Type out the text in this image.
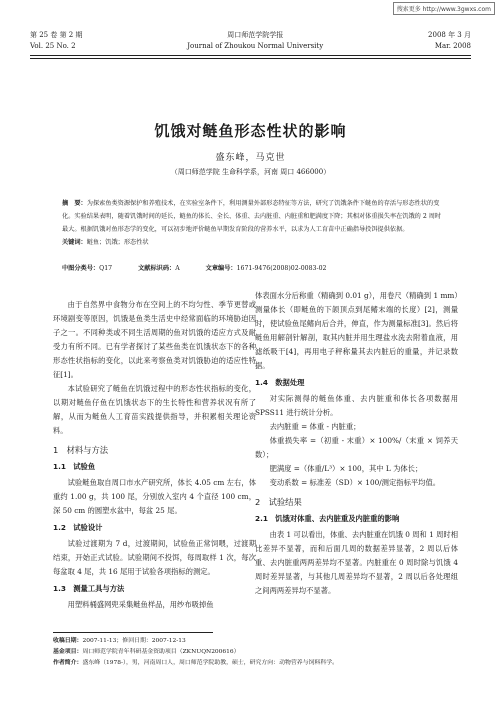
搜索更多 http://www.3gwxs.com
第 25 卷 第 2 期	周口师范学院学报	2008 年 3 月
Vol. 25 No. 2	Journal of Zhoukou Normal University	Mar. 2008
饥饿对鲢鱼形态性状的影响
盛东峰，马克世
（周口师范学院 生命科学系，河南 周口 466000）
摘　要：为探索鱼类资源保护和养殖技术，在实验室条件下，利用测量外部形态特征等方法，研究了饥饿条件下鲢鱼的存活与形态性状的变化。实验结果表明，随着饥饿时间的延长，鲢鱼的体长、全长、体重、去内脏重、内脏重和肥满度下降；其相对体重损失率在饥饿的 2 周时最大。根据饥饿对鱼形态学的变化，可以初步地评价鲢鱼早期发育阶段的营养水平，以求为人工育苗中正确指导投饵提供依据。
关键词：鲢鱼；饥饿；形态性状
中图分类号：Q17	文献标识码：A	文章编号：1671-9476(2008)02-0083-02

由于自然界中食物分布在空间上的不均匀性、季节更替或环境剧变等原因，饥饿是鱼类生活史中经常面临的环境胁迫因子之一。不同种类或不同生活周期的鱼对饥饿的适应方式及耐受力有所不同。已有学者探讨了某些鱼类在饥饿状态下的各种形态性状指标的变化，以此来考察鱼类对饥饿胁迫的适应性特征[1]。

本试验研究了鲢鱼在饥饿过程中的形态性状指标的变化，以期对鲢鱼仔鱼在饥饿状态下的生长特性和营养状况有所了解，从而为鲢鱼人工育苗实践提供指导，并积累相关理论资料。

1　材料与方法
1.1　试验鱼

试验鲢鱼取自周口市水产研究所，体长 4.05 cm 左右，体重约 1.00 g，共 100 尾，分别放入室内 4 个直径 100 cm，深 50 cm 的圆塑水盆中，每盆 25 尾。

1.2　试验设计

试验过渡期为 7 d，过渡期间，试验鱼正常饲喂，过渡期结束，开始正式试验。试验期间不投饵，每周取样 1 次，每次每盆取 4 尾，共 16 尾用于试验各项指标的测定。

1.3　测量工具与方法

用塑料桶盛网兜采集鲢鱼样品，用纱布吸掉鱼

体表面水分后称重（精确到 0.01 g），用卷尺（精确到 1 mm）测量体长（即鲢鱼的下颌顶点到尾鳍末端的长度）[2]，测量时，使试验鱼尾鳍向后合并，伸直，作为测量标准[3]。然后将鲢鱼用解剖针解剖，取其内脏并用生理盐水洗去附着血液，用滤纸吸干[4]，再用电子秤称量其去内脏后的重量，并记录数据。

1.4　数据处理

对实际测得的鲢鱼体重、去内脏重和体长各项数据用 SPSS11 进行统计分析。

去内脏重 = 体重 - 内脏重；

体重损失率 =（初重 - 末重）× 100%/（末重 × 饲养天数）；

肥满度 =（体重/L³）× 100，其中 L 为体长；

变动系数 = 标准差（SD）× 100/测定指标平均值。

2　试验结果
2.1　饥饿对体重、去内脏重及内脏重的影响

由表 1 可以看出，体重、去内脏重在饥饿 0 周和 1 周时相比差异不显著，而和后面几周的数据差异显著，2 周以后体重、去内脏重两两差异均不显著。内脏重在 0 周时除与饥饿 4 周时差异显著，与其他几周差异均不显著，2 周以后各处理组之间两两差异均不显著。

收稿日期：2007-11-13；修回日期：2007-12-13
基金项目：周口师范学院青年科研基金资助项目（ZKNUQN200616）
作者简介：盛东峰（1978-），男，河南周口人，周口师范学院助教，硕士，研究方向：动物营养与饲料科学。
